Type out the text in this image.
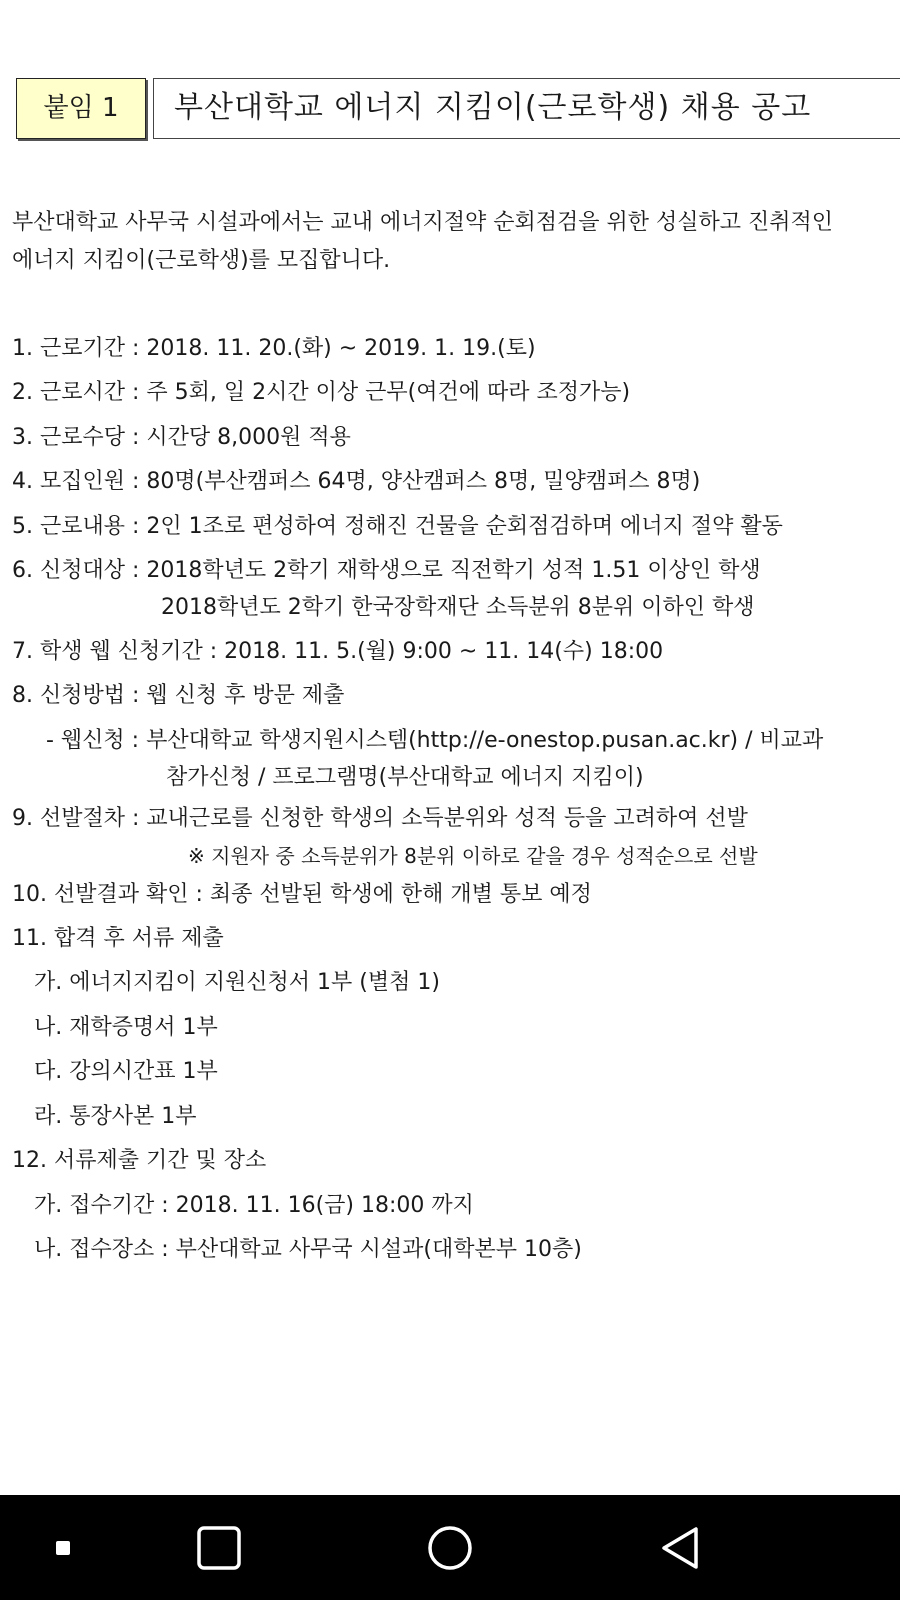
붙임 1	부산대학교 에너지 지킴이(근로학생) 채용 공고

부산대학교 사무국 시설과에서는 교내 에너지절약 순회점검을 위한 성실하고 진취적인

에너지 지킴이(근로학생)를 모집합니다.

1. 근로기간 : 2018. 11. 20.(화) ~ 2019. 1. 19.(토)
2. 근로시간 : 주 5회, 일 2시간 이상 근무(여건에 따라 조정가능)
3. 근로수당 : 시간당 8,000원 적용
4. 모집인원 : 80명(부산캠퍼스 64명, 양산캠퍼스 8명, 밀양캠퍼스 8명)
5. 근로내용 : 2인 1조로 편성하여 정해진 건물을 순회점검하며 에너지 절약 활동
6. 신청대상 : 2018학년도 2학기 재학생으로 직전학기 성적 1.51 이상인 학생
2018학년도 2학기 한국장학재단 소득분위 8분위 이하인 학생
7. 학생 웹 신청기간 : 2018. 11. 5.(월) 9:00 ~ 11. 14(수) 18:00
8. 신청방법 : 웹 신청 후 방문 제출
- 웹신청 : 부산대학교 학생지원시스템(http://e-onestop.pusan.ac.kr) / 비교과
참가신청 / 프로그램명(부산대학교 에너지 지킴이)
9. 선발절차 : 교내근로를 신청한 학생의 소득분위와 성적 등을 고려하여 선발
※ 지원자 중 소득분위가 8분위 이하로 같을 경우 성적순으로 선발
10. 선발결과 확인 : 최종 선발된 학생에 한해 개별 통보 예정
11. 합격 후 서류 제출
가. 에너지지킴이 지원신청서 1부 (별첨 1)
나. 재학증명서 1부
다. 강의시간표 1부
라. 통장사본 1부
12. 서류제출 기간 및 장소
가. 접수기간 : 2018. 11. 16(금) 18:00 까지
나. 접수장소 : 부산대학교 사무국 시설과(대학본부 10층)
